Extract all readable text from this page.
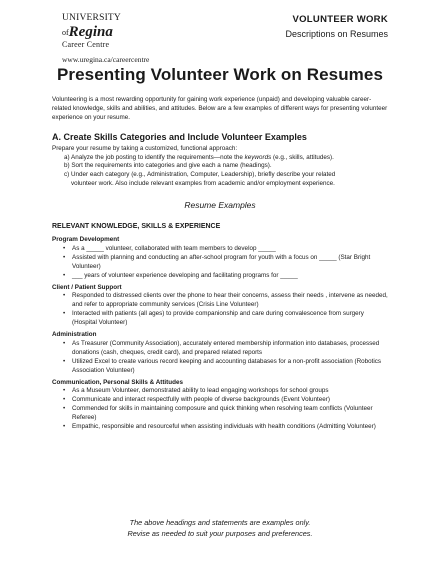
UNIVERSITY
ofRegina
Career Centre
VOLUNTEER WORK
Descriptions on Resumes
www.uregina.ca/careercentre
Presenting Volunteer Work on Resumes

Volunteering is a most rewarding opportunity for gaining work experience (unpaid) and developing valuable career-related knowledge, skills and abilities, and attitudes. Below are a few examples of different ways for presenting volunteer experience on your resume.

A. Create Skills Categories and Include Volunteer Examples

Prepare your resume by taking a customized, functional approach:

a) Analyze the job posting to identify the requirements—note the keywords (e.g., skills, attitudes).

b) Sort the requirements into categories and give each a name (headings).

c) Under each category (e.g., Administration, Computer, Leadership), briefly describe your related

volunteer work. Also include relevant examples from academic and/or employment experience.

Resume Examples
RELEVANT KNOWLEDGE, SKILLS & EXPERIENCE
Program Development
• As a _____ volunteer, collaborated with team members to develop _____
• Assisted with planning and conducting an after-school program for youth with a focus on _____ (Star Bright Volunteer)
• ___ years of volunteer experience developing and facilitating programs for _____
Client / Patient Support
• Responded to distressed clients over the phone to hear their concerns, assess their needs , intervene as needed, and refer to appropriate community services (Crisis Line Volunteer)
• Interacted with patients (all ages) to provide companionship and care during convalescence from surgery (Hospital Volunteer)
Administration
• As Treasurer (Community Association), accurately entered membership information into databases, processed donations (cash, cheques, credit card), and prepared related reports
• Utilized Excel to create various record keeping and accounting databases for a non-profit association (Robotics Association Volunteer)
Communication, Personal Skills & Attitudes
• As a Museum Volunteer, demonstrated ability to lead engaging workshops for school groups
• Communicate and interact respectfully with people of diverse backgrounds (Event Volunteer)
• Commended for skills in maintaining composure and quick thinking when resolving team conflicts (Volunteer Referee)
• Empathic, responsible and resourceful when assisting individuals with health conditions (Admitting Volunteer)
The above headings and statements are examples only.
Revise as needed to suit your purposes and preferences.
